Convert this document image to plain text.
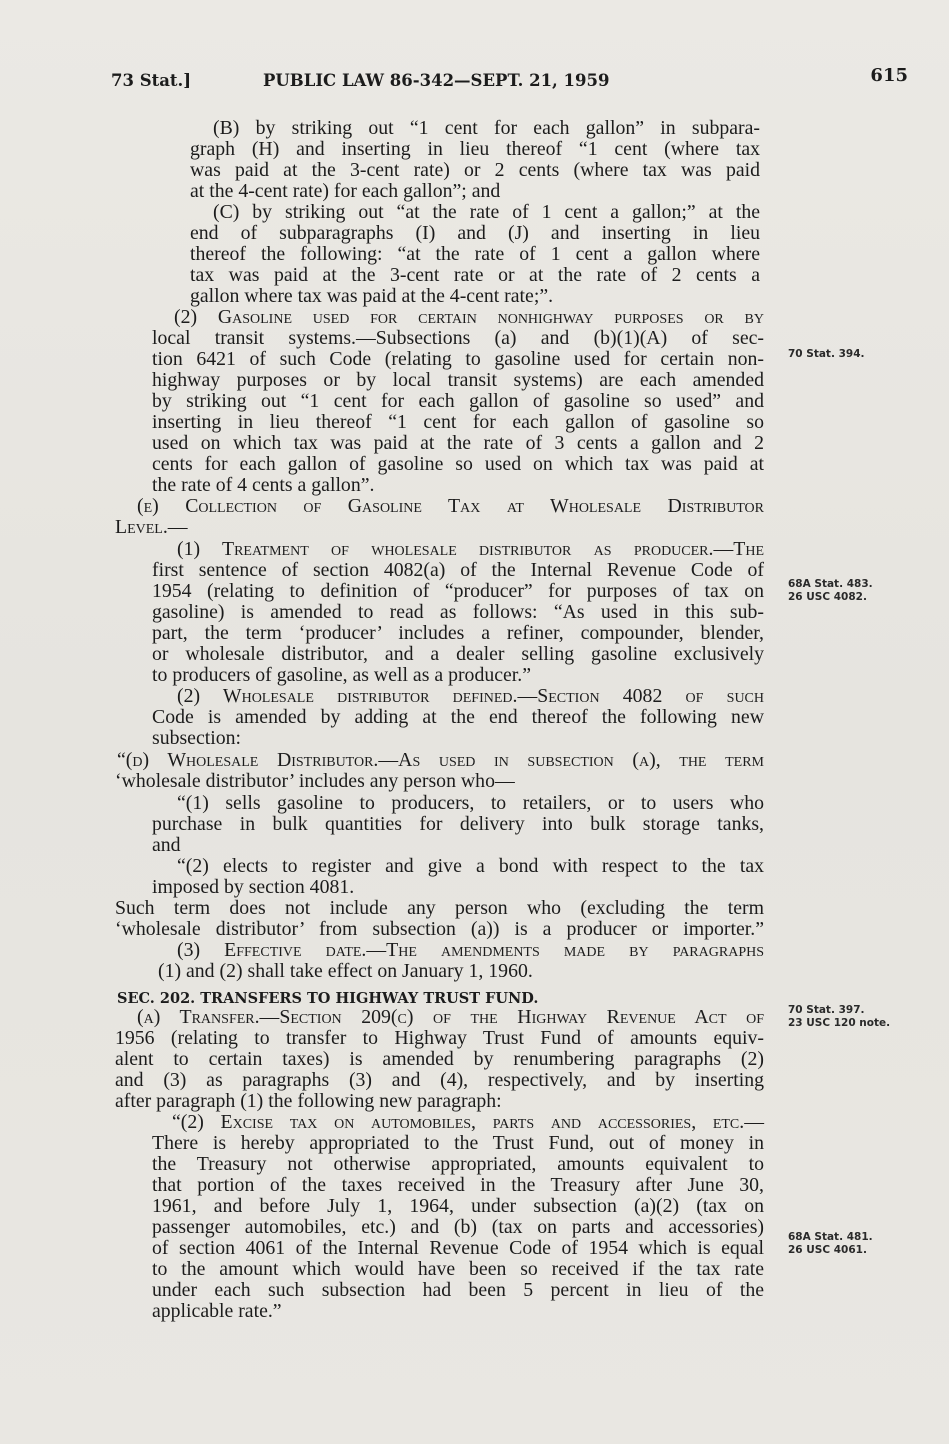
73 Stat.]	PUBLIC LAW 86-342—SEPT. 21, 1959	615
(B) by striking out “1 cent for each gallon” in subpara-
graph (H) and inserting in lieu thereof “1 cent (where tax
was paid at the 3-cent rate) or 2 cents (where tax was paid
at the 4-cent rate) for each gallon”; and
(C) by striking out “at the rate of 1 cent a gallon;” at the
end of subparagraphs (I) and (J) and inserting in lieu
thereof the following: “at the rate of 1 cent a gallon where
tax was paid at the 3-cent rate or at the rate of 2 cents a
gallon where tax was paid at the 4-cent rate;”.
(2) Gasoline used for certain nonhighway purposes or by
local transit systems.—Subsections (a) and (b)(1)(A) of sec-
tion 6421 of such Code (relating to gasoline used for certain non-
highway purposes or by local transit systems) are each amended
by striking out “1 cent for each gallon of gasoline so used” and
inserting in lieu thereof “1 cent for each gallon of gasoline so
used on which tax was paid at the rate of 3 cents a gallon and 2
cents for each gallon of gasoline so used on which tax was paid at
the rate of 4 cents a gallon”.
(e) Collection of Gasoline Tax at Wholesale Distributor
Level.—
(1) Treatment of wholesale distributor as producer.—The
first sentence of section 4082(a) of the Internal Revenue Code of
1954 (relating to definition of “producer” for purposes of tax on
gasoline) is amended to read as follows: “As used in this sub-
part, the term ‘producer’ includes a refiner, compounder, blender,
or wholesale distributor, and a dealer selling gasoline exclusively
to producers of gasoline, as well as a producer.”
(2) Wholesale distributor defined.—Section 4082 of such
Code is amended by adding at the end thereof the following new
subsection:
“(d) Wholesale Distributor.—As used in subsection (a), the term
‘wholesale distributor’ includes any person who—
“(1) sells gasoline to producers, to retailers, or to users who
purchase in bulk quantities for delivery into bulk storage tanks,
and
“(2) elects to register and give a bond with respect to the tax
imposed by section 4081.
Such term does not include any person who (excluding the term
‘wholesale distributor’ from subsection (a)) is a producer or importer.”
(3) Effective date.—The amendments made by paragraphs
(1) and (2) shall take effect on January 1, 1960.
SEC. 202. TRANSFERS TO HIGHWAY TRUST FUND.
(a) Transfer.—Section 209(c) of the Highway Revenue Act of
1956 (relating to transfer to Highway Trust Fund of amounts equiv-
alent to certain taxes) is amended by renumbering paragraphs (2)
and (3) as paragraphs (3) and (4), respectively, and by inserting
after paragraph (1) the following new paragraph:
“(2) Excise tax on automobiles, parts and accessories, etc.—
There is hereby appropriated to the Trust Fund, out of money in
the Treasury not otherwise appropriated, amounts equivalent to
that portion of the taxes received in the Treasury after June 30,
1961, and before July 1, 1964, under subsection (a)(2) (tax on
passenger automobiles, etc.) and (b) (tax on parts and accessories)
of section 4061 of the Internal Revenue Code of 1954 which is equal
to the amount which would have been so received if the tax rate
under each such subsection had been 5 percent in lieu of the
applicable rate.”
70 Stat. 394.
68A Stat. 483.
26 USC 4082.
70 Stat. 397.
23 USC 120 note.
68A Stat. 481.
26 USC 4061.
